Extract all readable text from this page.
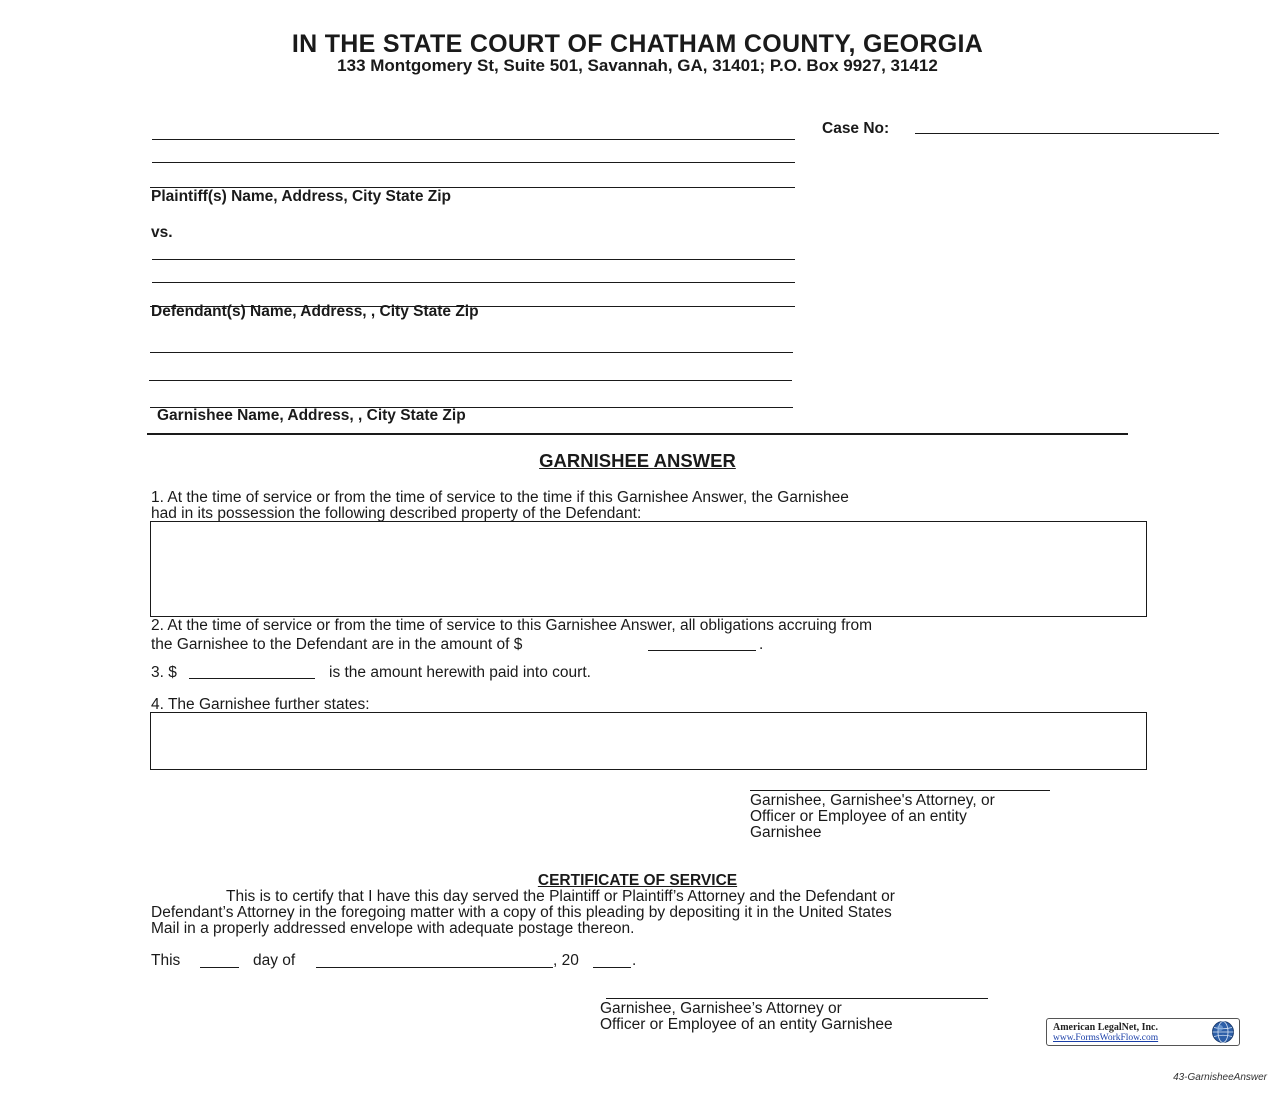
IN THE STATE COURT OF CHATHAM COUNTY, GEORGIA
133 Montgomery St, Suite 501, Savannah, GA, 31401; P.O. Box 9927, 31412
Plaintiff(s) Name, Address, City State Zip
Case No:
vs.
Defendant(s) Name, Address, , City State Zip
Garnishee Name, Address, , City State Zip
GARNISHEE ANSWER
1. At the time of service or from the time of service to the time if this Garnishee Answer, the Garnishee
had in its possession the following described property of the Defendant:
2. At the time of service or from the time of service to this Garnishee Answer, all obligations accruing from
the Garnishee to the Defendant are in the amount of $	.
3. $	is the amount herewith paid into court.
4. The Garnishee further states:
Garnishee, Garnishee's Attorney, or
Officer or Employee of an entity
Garnishee
CERTIFICATE OF SERVICE
This is to certify that I have this day served the Plaintiff or Plaintiff’s Attorney and the Defendant or
Defendant’s Attorney in the foregoing matter with a copy of this pleading by depositing it in the United States
Mail in a properly addressed envelope with adequate postage thereon.
This	day of	, 20	.
Garnishee, Garnishee’s Attorney or
Officer or Employee of an entity Garnishee	American LegalNet, Inc.
www.FormsWorkFlow.com
43-GarnisheeAnswer
